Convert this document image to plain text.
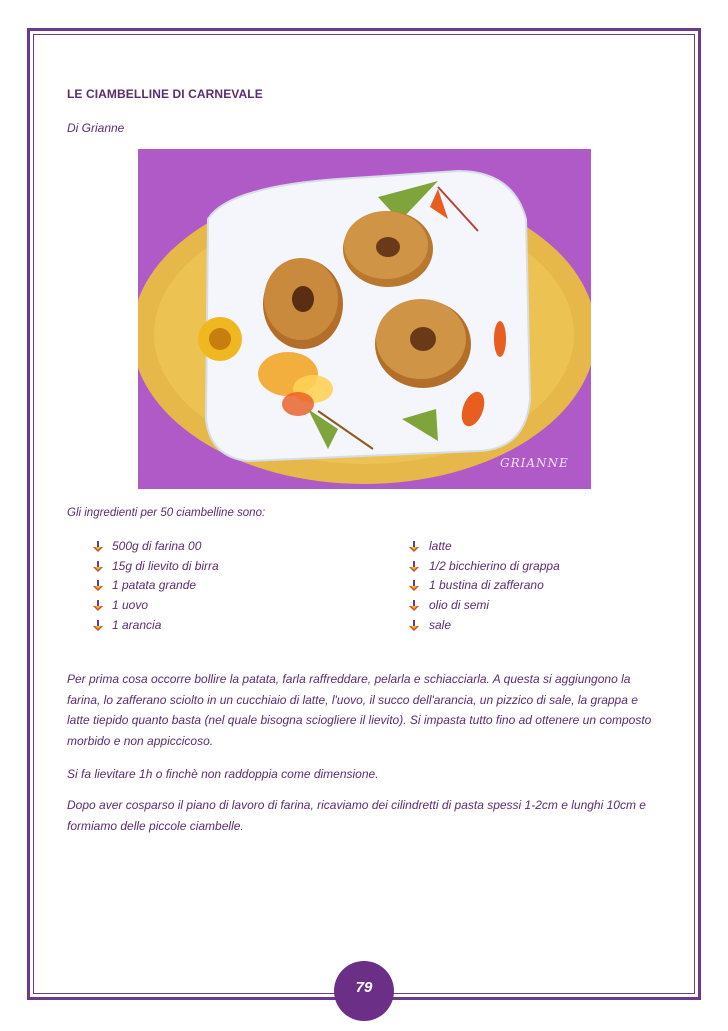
LE CIAMBELLINE DI CARNEVALE
Di Grianne
GRIANNE
Gli ingredienti per 50 ciambelline sono:
500g di farina 00
15g di lievito di birra
1 patata grande
1 uovo
1 arancia
latte
1/2 bicchierino di grappa
1 bustina di zafferano
olio di semi
sale

Per prima cosa occorre bollire la patata, farla raffreddare, pelarla e schiacciarla. A questa si aggiungono la farina, lo zafferano sciolto in un cucchiaio di latte, l'uovo, il succo dell'arancia, un pizzico di sale, la grappa e latte tiepido quanto basta (nel quale bisogna sciogliere il lievito). Si impasta tutto fino ad ottenere un composto morbido e non appiccicoso.

Si fa lievitare 1h o finchè non raddoppia come dimensione.

Dopo aver cosparso il piano di lavoro di farina, ricaviamo dei cilindretti di pasta spessi 1-2cm e lunghi 10cm e formiamo delle piccole ciambelle.

79
